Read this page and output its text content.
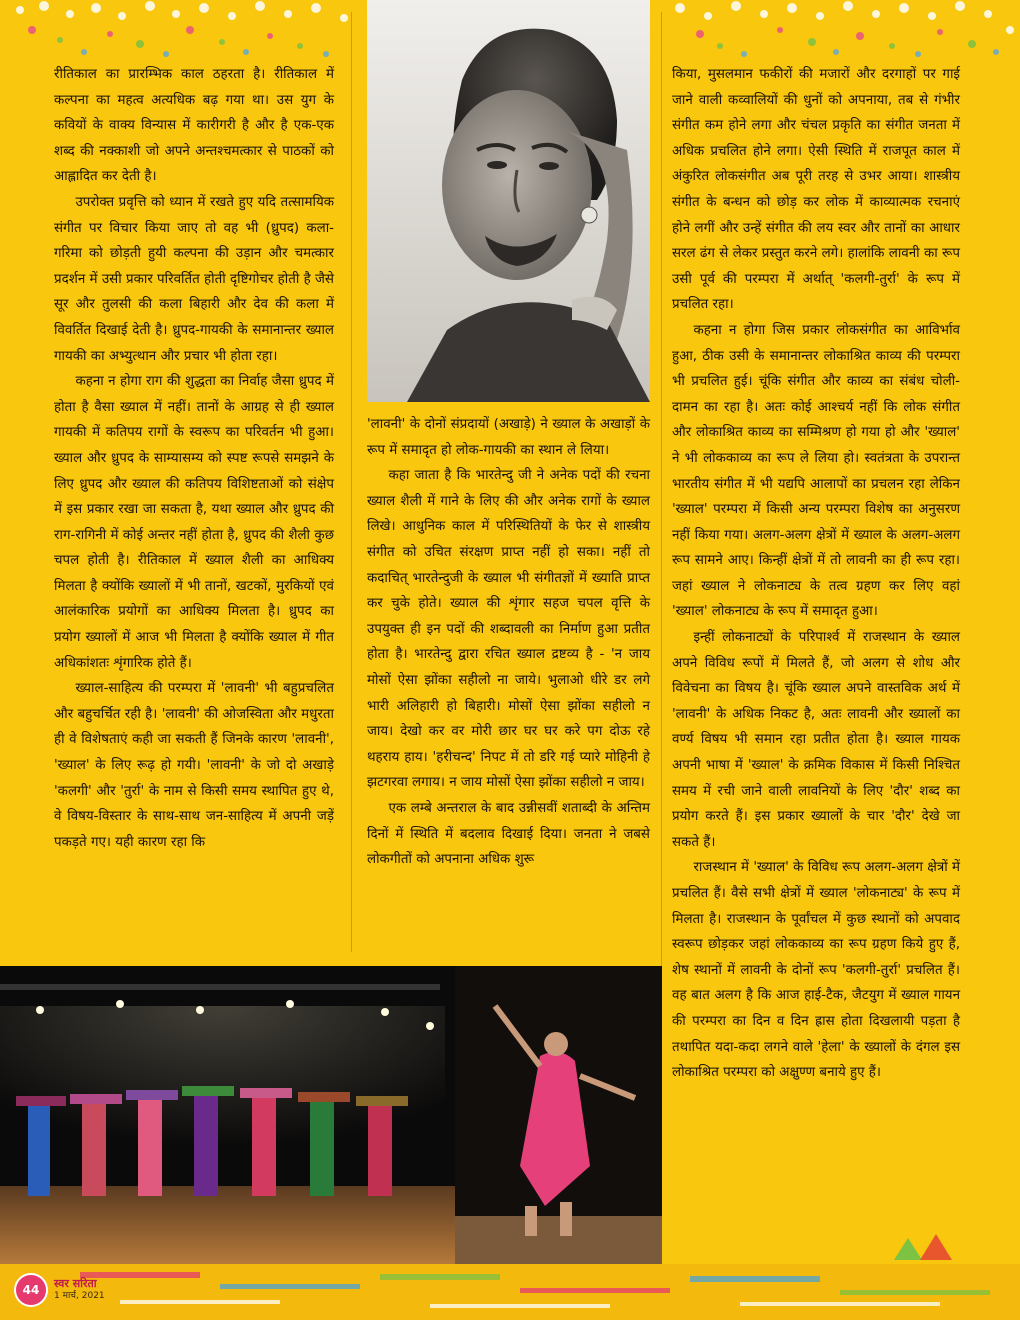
रीतिकाल का प्रारम्भिक काल ठहरता है। रीतिकाल में कल्पना का महत्व अत्यधिक बढ़ गया था। उस युग के कवियों के वाक्य विन्यास में कारीगरी है और है एक-एक शब्द की नक्काशी जो अपने अन्तश्चमत्कार से पाठकों को आह्लादित कर देती है।

उपरोक्त प्रवृत्ति को ध्यान में रखते हुए यदि तत्सामयिक संगीत पर विचार किया जाए तो वह भी (ध्रुपद) कला-गरिमा को छोड़ती हुयी कल्पना की उड़ान और चमत्कार प्रदर्शन में उसी प्रकार परिवर्तित होती दृष्टिगोचर होती है जैसे सूर और तुलसी की कला बिहारी और देव की कला में विवर्तित दिखाई देती है। ध्रुपद-गायकी के समानान्तर ख्याल गायकी का अभ्युत्थान और प्रचार भी होता रहा।

कहना न होगा राग की शुद्धता का निर्वाह जैसा ध्रुपद में होता है वैसा ख्याल में नहीं। तानों के आग्रह से ही ख्याल गायकी में कतिपय रागों के स्वरूप का परिवर्तन भी हुआ। ख्याल और ध्रुपद के साम्यासम्य को स्पष्ट रूपसे समझने के लिए ध्रुपद और ख्याल की कतिपय विशिष्टताओं को संक्षेप में इस प्रकार रखा जा सकता है, यथा ख्याल और ध्रुपद की राग-रागिनी में कोई अन्तर नहीं होता है, ध्रुपद की शैली कुछ चपल होती है। रीतिकाल में ख्याल शैली का आधिक्य मिलता है क्योंकि ख्यालों में भी तानों, खटकों, मुरकियों एवं आलंकारिक प्रयोगों का आधिक्य मिलता है। ध्रुपद का प्रयोग ख्यालों में आज भी मिलता है क्योंकि ख्याल में गीत अधिकांशतः शृंगारिक होते हैं।

ख्याल-साहित्य की परम्परा में 'लावनी' भी बहुप्रचलित और बहुचर्चित रही है। 'लावनी' की ओजस्विता और मधुरता ही वे विशेषताएं कही जा सकती हैं जिनके कारण 'लावनी', 'ख्याल' के लिए रूढ़ हो गयी। 'लावनी' के जो दो अखाड़े 'कलगी' और 'तुर्रा' के नाम से किसी समय स्थापित हुए थे, वे विषय-विस्तार के साथ-साथ जन-साहित्य में अपनी जड़ें पकड़ते गए। यही कारण रहा कि

'लावनी' के दोनों संप्रदायों (अखाड़े) ने ख्याल के अखाड़ों के रूप में समादृत हो लोक-गायकी का स्थान ले लिया।

कहा जाता है कि भारतेन्दु जी ने अनेक पदों की रचना ख्याल शैली में गाने के लिए की और अनेक रागों के ख्याल लिखे। आधुनिक काल में परिस्थितियों के फेर से शास्त्रीय संगीत को उचित संरक्षण प्राप्त नहीं हो सका। नहीं तो कदाचित् भारतेन्दुजी के ख्याल भी संगीतज्ञों में ख्याति प्राप्त कर चुके होते। ख्याल की शृंगार सहज चपल वृत्ति के उपयुक्त ही इन पदों की शब्दावली का निर्माण हुआ प्रतीत होता है। भारतेन्दु द्वारा रचित ख्याल द्रष्टव्य है - 'न जाय मोसों ऐसा झोंका सहीलो ना जाये। भुलाओ धीरे डर लगे भारी अलिहारी हो बिहारी। मोसों ऐसा झोंका सहीलो न जाय। देखो कर वर मोरी छार घर घर करे पग दोऊ रहे थहराय हाय। 'हरीचन्द' निपट में तो डरि गई प्यारे मोहिनी हे झटगरवा लगाय। न जाय मोसों ऐसा झोंका सहीलो न जाय।

एक लम्बे अन्तराल के बाद उन्नीसवीं शताब्दी के अन्तिम दिनों में स्थिति में बदलाव दिखाई दिया। जनता ने जबसे लोकगीतों को अपनाना अधिक शुरू

किया, मुसलमान फकीरों की मजारों और दरगाहों पर गाई जाने वाली कव्वालियों की धुनों को अपनाया, तब से गंभीर संगीत कम होने लगा और चंचल प्रकृति का संगीत जनता में अधिक प्रचलित होने लगा। ऐसी स्थिति में राजपूत काल में अंकुरित लोकसंगीत अब पूरी तरह से उभर आया। शास्त्रीय संगीत के बन्धन को छोड़ कर लोक में काव्यात्मक रचनाएं होने लगीं और उन्हें संगीत की लय स्वर और तानों का आधार सरल ढंग से लेकर प्रस्तुत करने लगे। हालांकि लावनी का रूप उसी पूर्व की परम्परा में अर्थात् 'कलगी-तुर्रा' के रूप में प्रचलित रहा।

कहना न होगा जिस प्रकार लोकसंगीत का आविर्भाव हुआ, ठीक उसी के समानान्तर लोकाश्रित काव्य की परम्परा भी प्रचलित हुई। चूंकि संगीत और काव्य का संबंध चोली-दामन का रहा है। अतः कोई आश्चर्य नहीं कि लोक संगीत और लोकाश्रित काव्य का सम्मिश्रण हो गया हो और 'ख्याल' ने भी लोककाव्य का रूप ले लिया हो। स्वतंत्रता के उपरान्त भारतीय संगीत में भी यद्यपि आलापों का प्रचलन रहा लेकिन 'ख्याल' परम्परा में किसी अन्य परम्परा विशेष का अनुसरण नहीं किया गया। अलग-अलग क्षेत्रों में ख्याल के अलग-अलग रूप सामने आए। किन्हीं क्षेत्रों में तो लावनी का ही रूप रहा। जहां ख्याल ने लोकनाट्य के तत्व ग्रहण कर लिए वहां 'ख्याल' लोकनाट्य के रूप में समादृत हुआ।

इन्हीं लोकनाट्यों के परिपार्श्व में राजस्थान के ख्याल अपने विविध रूपों में मिलते हैं, जो अलग से शोध और विवेचना का विषय है। चूंकि ख्याल अपने वास्तविक अर्थ में 'लावनी' के अधिक निकट है, अतः लावनी और ख्यालों का वर्ण्य विषय भी समान रहा प्रतीत होता है। ख्याल गायक अपनी भाषा में 'ख्याल' के क्रमिक विकास में किसी निश्चित समय में रची जाने वाली लावनियों के लिए 'दौर' शब्द का प्रयोग करते हैं। इस प्रकार ख्यालों के चार 'दौर' देखे जा सकते हैं।

राजस्थान में 'ख्याल' के विविध रूप अलग-अलग क्षेत्रों में प्रचलित हैं। वैसे सभी क्षेत्रों में ख्याल 'लोकनाट्य' के रूप में मिलता है। राजस्थान के पूर्वांचल में कुछ स्थानों को अपवाद स्वरूप छोड़कर जहां लोककाव्य का रूप ग्रहण किये हुए हैं, शेष स्थानों में लावनी के दोनों रूप 'कलगी-तुर्रा' प्रचलित हैं। वह बात अलग है कि आज हाई-टैक, जैटयुग में ख्याल गायन की परम्परा का दिन व दिन ह्रास होता दिखलायी पड़ता है तथापित यदा-कदा लगने वाले 'हेला' के ख्यालों के दंगल इस लोकाश्रित परम्परा को अक्षुण्ण बनाये हुए हैं।

44	स्वर सरिता
1 मार्च, 2021
